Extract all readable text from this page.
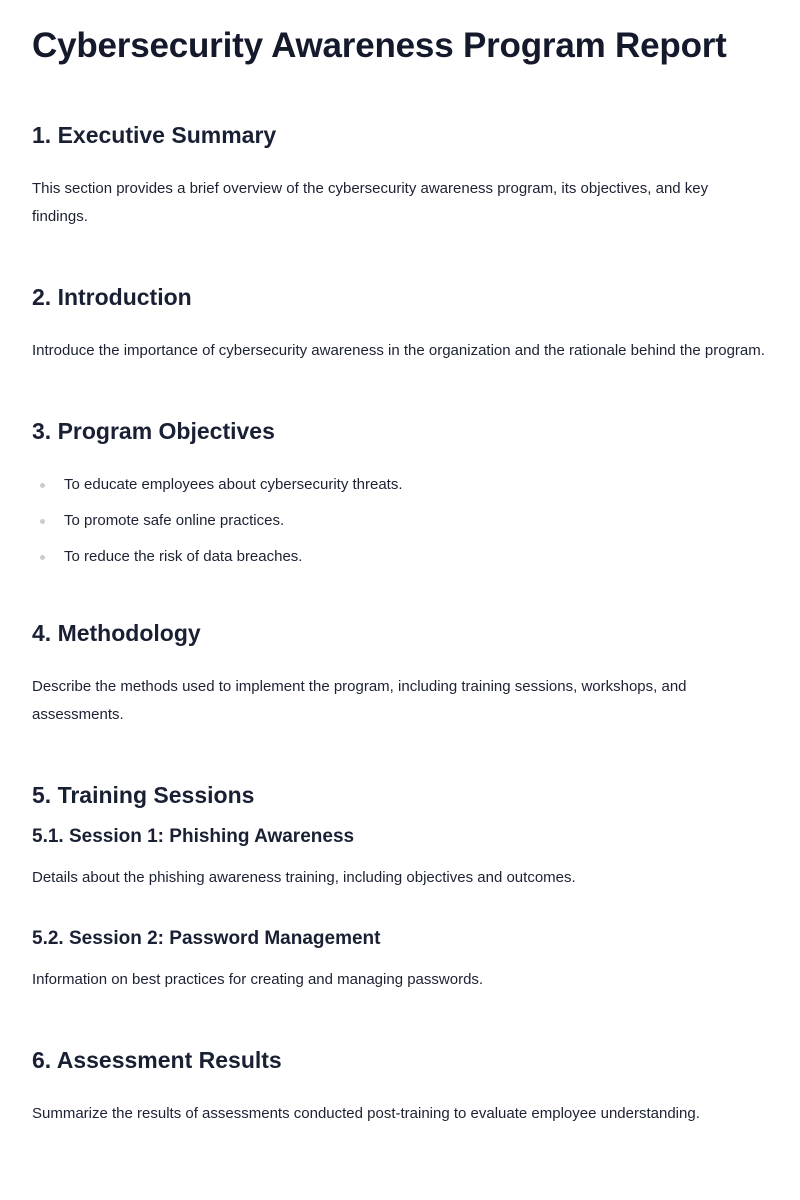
Cybersecurity Awareness Program Report
1. Executive Summary

This section provides a brief overview of the cybersecurity awareness program, its objectives, and key findings.

2. Introduction

Introduce the importance of cybersecurity awareness in the organization and the rationale behind the program.

3. Program Objectives
To educate employees about cybersecurity threats.
To promote safe online practices.
To reduce the risk of data breaches.
4. Methodology

Describe the methods used to implement the program, including training sessions, workshops, and assessments.

5. Training Sessions
5.1. Session 1: Phishing Awareness

Details about the phishing awareness training, including objectives and outcomes.

5.2. Session 2: Password Management

Information on best practices for creating and managing passwords.

6. Assessment Results

Summarize the results of assessments conducted post-training to evaluate employee understanding.
